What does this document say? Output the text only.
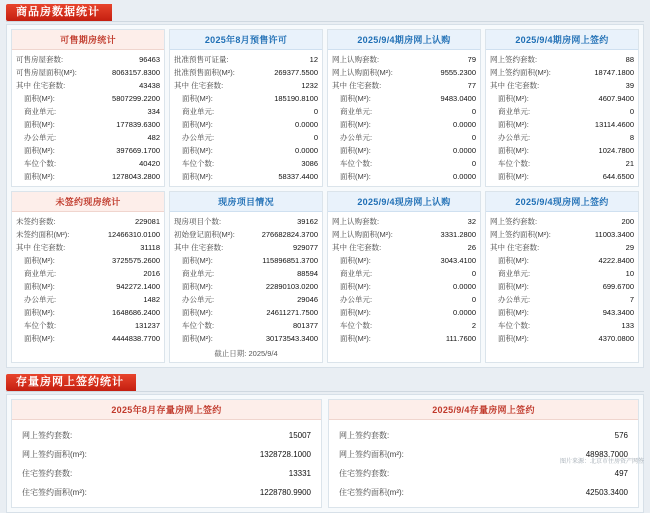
商品房数据统计
可售期房统计
可售房屋套数:	96463
可售房屋面积(M²):	8063157.8300
其中 住宅套数:	43438
面积(M²):	5807299.2200
商业单元:	334
面积(M²):	177839.6300
办公单元:	482
面积(M²):	397669.1700
车位个数:	40420
面积(M²):	1278043.2800
2025年8月预售许可
批准预售可证量:	12
批准预售面积(M²):	269377.5500
其中 住宅套数:	1232
面积(M²):	185190.8100
商业单元:	0
面积(M²):	0.0000
办公单元:	0
面积(M²):	0.0000
车位个数:	3086
面积(M²):	58337.4400
2025/9/4期房网上认购
网上认购套数:	79
网上认购面积(M²):	9555.2300
其中 住宅套数:	77
面积(M²):	9483.0400
商业单元:	0
面积(M²):	0.0000
办公单元:	0
面积(M²):	0.0000
车位个数:	0
面积(M²):	0.0000
2025/9/4期房网上签约
网上签约套数:	88
网上签约面积(M²):	18747.1800
其中 住宅套数:	39
面积(M²):	4607.9400
商业单元:	0
面积(M²):	13114.4600
办公单元:	8
面积(M²):	1024.7800
车位个数:	21
面积(M²):	644.6500
未签约现房统计
未签约套数:	229081
未签约面积(M²):	12466310.0100
其中 住宅套数:	31118
面积(M²):	3725575.2600
商业单元:	2016
面积(M²):	942272.1400
办公单元:	1482
面积(M²):	1648686.2400
车位个数:	131237
面积(M²):	4444838.7700
现房项目情况
现房项目个数:	39162
初始登记面积(M²):	276682824.3700
其中 住宅套数:	929077
面积(M²):	115896851.3700
商业单元:	88594
面积(M²):	22890103.0200
办公单元:	29046
面积(M²):	24611271.7500
车位个数:	801377
面积(M²):	30173543.3400
截止日期: 2025/9/4
2025/9/4现房网上认购
网上认购套数:	32
网上认购面积(M²):	3331.2800
其中 住宅套数:	26
面积(M²):	3043.4100
商业单元:	0
面积(M²):	0.0000
办公单元:	0
面积(M²):	0.0000
车位个数:	2
面积(M²):	111.7600
2025/9/4现房网上签约
网上签约套数:	200
网上签约面积(M²):	11003.3400
其中 住宅套数:	29
面积(M²):	4222.8400
商业单元:	10
面积(M²):	699.6700
办公单元:	7
面积(M²):	943.3400
车位个数:	133
面积(M²):	4370.0800
存量房网上签约统计
2025年8月存量房网上签约
网上签约套数:	15007
网上签约面积(m²):	1328728.1000
住宅签约套数:	13331
住宅签约面积(m²):	1228780.9900
2025/9/4存量房网上签约
网上签约套数:	576
网上签约面积(m²):	48983.7000
住宅签约套数:	497
住宅签约面积(m²):	42503.3400
图片来源：北京市住房资产网签
